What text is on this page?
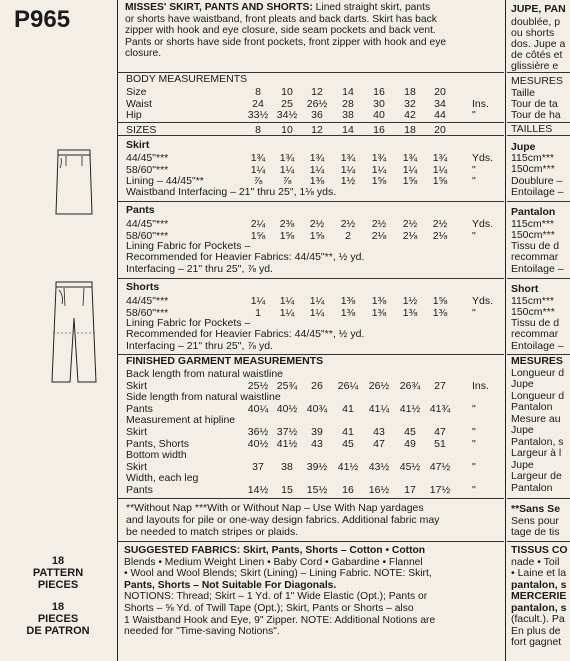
P965
18
PATTERN
PIECES
18
PIECES
DE PATRON
MISSES' SKIRT, PANTS AND SHORTS: Lined straight skirt, pants
or shorts have waistband, front pleats and back darts. Skirt has back
zipper with hook and eye closure, side seam pockets and back vent.
Pants or shorts have side front pockets, front zipper with hook and eye
closure.
BODY MEASUREMENTS
Size	8 10 12 14 16 18 20
Waist	24 25 26½ 28 30 32 34 Ins.
Hip	33½ 34½ 36 38 40 42 44 "
SIZES	8 10 12 14 16 18 20
Skirt
44/45"***	1¾ 1¾ 1¾ 1¾ 1¾ 1¾ 1¾ Yds.
58/60"***	1¼ 1¼ 1¼ 1¼ 1¼ 1¼ 1¼ "
Lining – 44/45"**	⅞ ⅞ 1⅜ 1½ 1⅝ 1⅝ 1⅝ "
Waistband Interfacing – 21" thru 25", 1⅛ yds.
Pants
44/45"***	2¼ 2⅜ 2½ 2½ 2½ 2½ 2½ Yds.
58/60"***	1⅝ 1⅝ 1⅝ 2 2⅛ 2⅛ 2⅛ "
Lining Fabric for Pockets –
Recommended for Heavier Fabrics: 44/45"**, ½ yd.
Interfacing – 21" thru 25", ⅞ yd.
Shorts
44/45"***	1¼ 1¼ 1¼ 1⅜ 1⅜ 1½ 1⅝ Yds.
58/60"***	1 1¼ 1¼ 1⅜ 1⅜ 1⅜ 1⅜ "
Lining Fabric for Pockets –
Recommended for Heavier Fabrics: 44/45"**, ½ yd.
Interfacing – 21" thru 25", ⅞ yd.
FINISHED GARMENT MEASUREMENTS
Back length from natural waistline
Skirt	25½ 25¾ 26 26¼ 26½ 26¾ 27 Ins.
Side length from natural waistline
Pants	40¼ 40½ 40¾ 41 41¼ 41½ 41¾ "
Measurement at hipline
Skirt	36½ 37½ 39 41 43 45 47 "
Pants, Shorts	40½ 41½ 43 45 47 49 51 "
Bottom width
Skirt	37 38 39½ 41½ 43½ 45½ 47½ "
Width, each leg
Pants	14½ 15 15½ 16 16½ 17 17½ "
**Without Nap ***With or Without Nap – Use With Nap yardages
and layouts for pile or one-way design fabrics. Additional fabric may
be needed to match stripes or plaids.
SUGGESTED FABRICS: Skirt, Pants, Shorts – Cotton • Cotton
Blends • Medium Weight Linen • Baby Cord • Gabardine • Flannel
• Wool and Wool Blends; Skirt (Lining) – Lining Fabric. NOTE: Skirt,
Pants, Shorts – Not Suitable For Diagonals.
NOTIONS: Thread; Skirt – 1 Yd. of 1" Wide Elastic (Opt.); Pants or
Shorts – ⅝ Yd. of Twill Tape (Opt.); Skirt, Pants or Shorts – also
1 Waistband Hook and Eye, 9" Zipper. NOTE: Additional Notions are
needed for "Time-saving Notions".
JUPE, PAN
doublée, p
ou shorts
dos. Jupe a
de côtés et
glissière e
MESURES
Taille
Tour de ta
Tour de ha
TAILLES
Jupe
115cm***
150cm***
Doublure –
Entoilage –
Pantalon
115cm***
150cm***
Tissu de d
recommar
Entoilage –
Short
115cm***
150cm***
Tissu de d
recommar
Entoilage –
MESURES
Longueur d
Jupe
Longueur d
Pantalon
Mesure au
Jupe
Pantalon, s
Largeur à l
Jupe
Largeur de
Pantalon
**Sans Se
Sens pour
tage de tis
TISSUS CO
nade • Toil
• Laine et la
pantalon, s
MERCERIE
pantalon, s
(facult.). Pa
En plus de
fort gagnet
